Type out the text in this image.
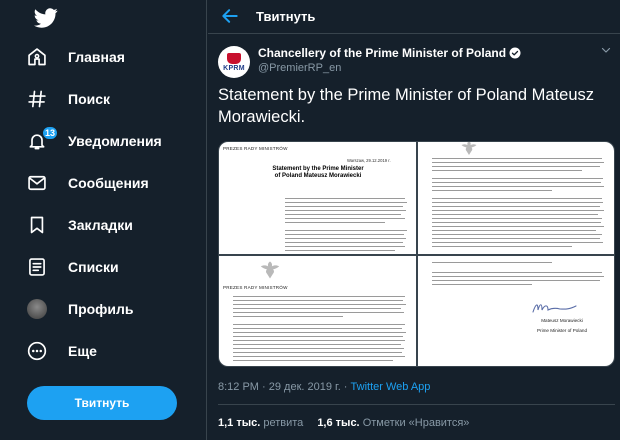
Главная
Поиск
13 Уведомления
Сообщения
Закладки
Списки
Профиль
Еще
Твитнуть
Твитнуть
KPRM
Chancellery of the Prime Minister of Poland
@PremierRP_en
Statement by the Prime Minister of Poland Mateusz Morawiecki.
PREZES RADY MINISTRÓW
Warszaw, 29.12.2019 r.
Statement by the Prime Minister of Poland Mateusz Morawiecki
PREZES RADY MINISTRÓW
Mateusz Morawiecki
Prime Minister of Poland
8:12 PM · 29 дек. 2019 г. · Twitter Web App
1,1 тыс. ретвита 1,6 тыс. Отметки «Нравится»
